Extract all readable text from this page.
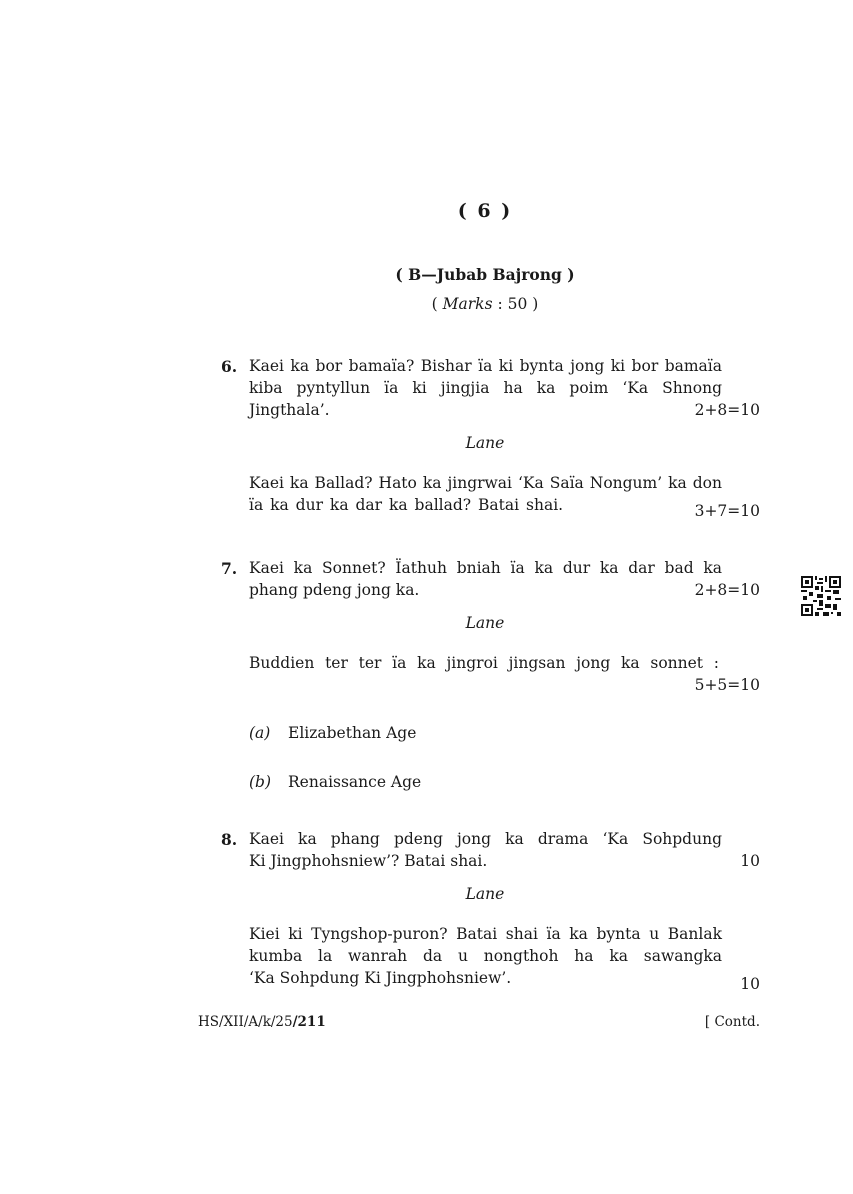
( 6 )
( B—Jubab Bajrong )
( Marks : 50 )
6. Kaei ka bor bamaïa? Bishar ïa ki bynta jong ki bor bamaïa
kiba pyntyllun ïa ki jingjia ha ka poim ‘Ka Shnong
Jingthala’.	2+8=10
Lane
Kaei ka Ballad? Hato ka jingrwai ‘Ka Saïa Nongum’ ka don
ïa ka dur ka dar ka ballad? Batai shai.	3+7=10
7. Kaei ka Sonnet? Ïathuh bniah ïa ka dur ka dar bad ka
phang pdeng jong ka.	2+8=10
Lane
Buddien ter ter ïa ka jingroi jingsan jong ka sonnet :
5+5=10
(a) Elizabethan Age
(b) Renaissance Age
8. Kaei ka phang pdeng jong ka drama ‘Ka Sohpdung
Ki Jingphohsniew’? Batai shai.	10
Lane
Kiei ki Tyngshop-puron? Batai shai ïa ka bynta u Banlak
kumba la wanrah da u nongthoh ha ka sawangka
‘Ka Sohpdung Ki Jingphohsniew’.	10
HS/XII/A/k/25/211	[ Contd.
